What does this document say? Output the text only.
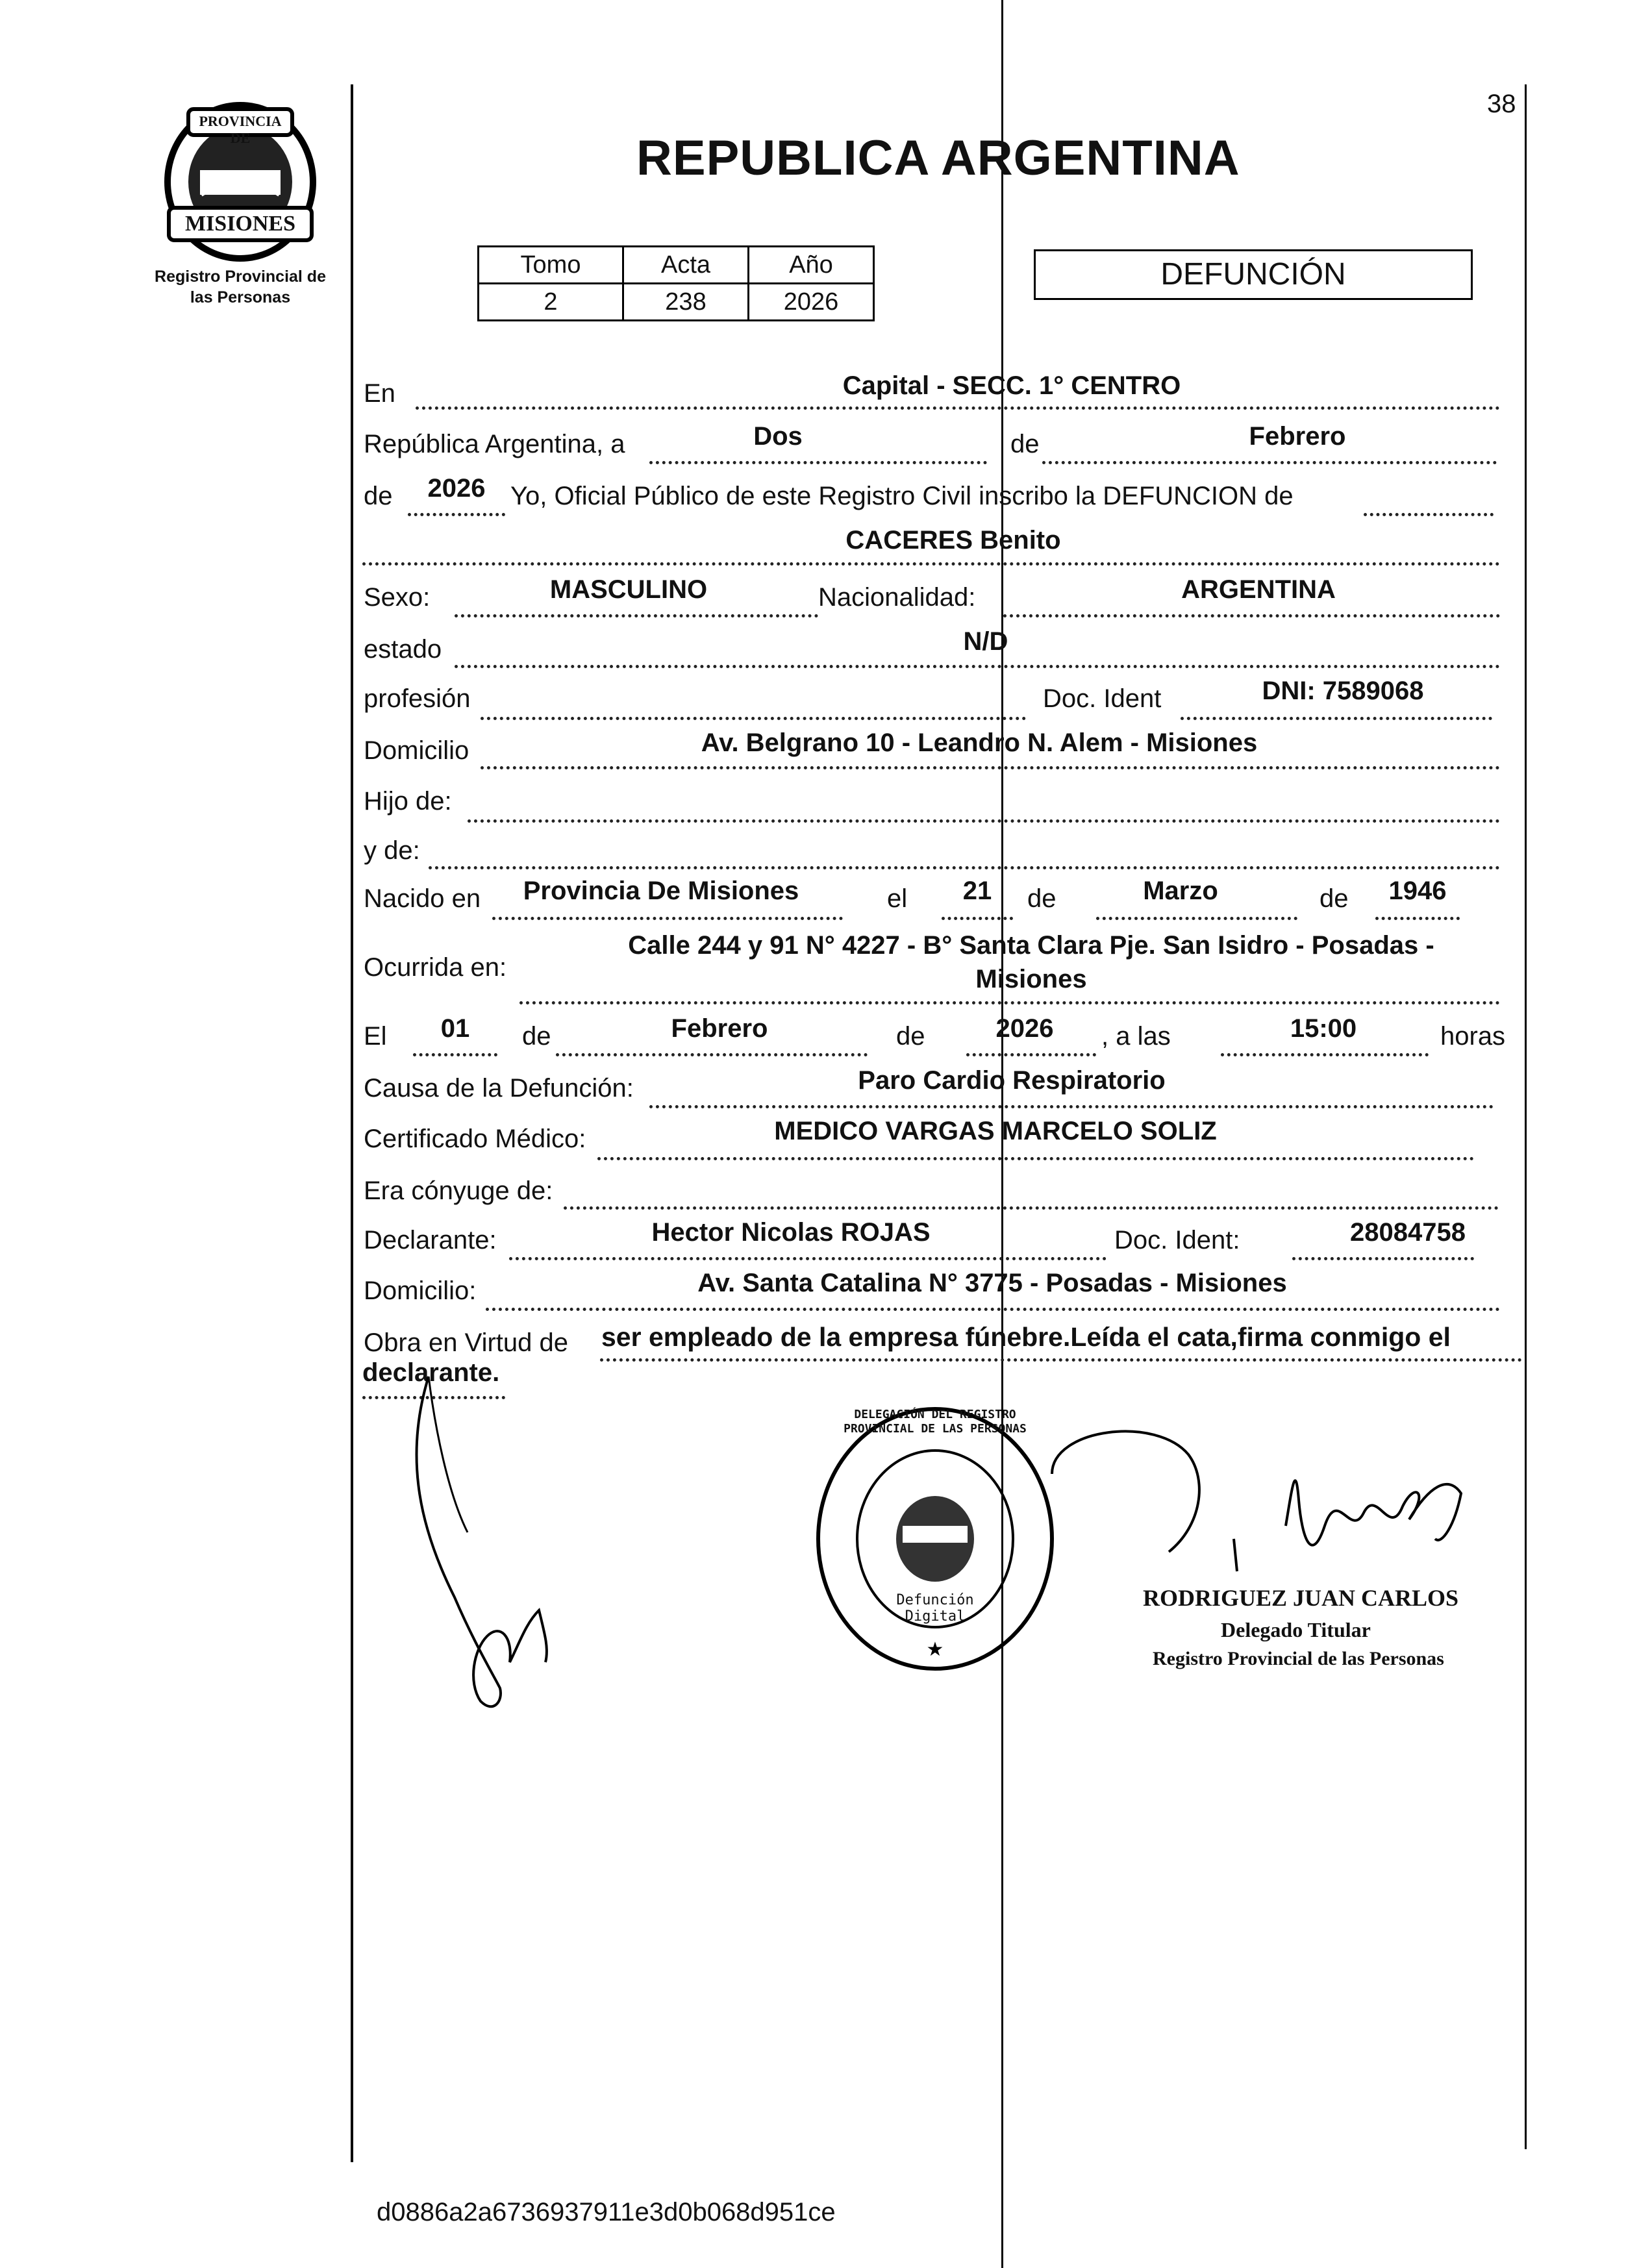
38
PROVINCIA DE
MISIONES
Registro Provincial de
las Personas
REPUBLICA ARGENTINA
Tomo	Acta	Año
2	238	2026
DEFUNCIÓN
En	Capital - SECC. 1° CENTRO
República Argentina, a	Dos	de	Febrero
de	2026 Yo, Oficial Público de este Registro Civil inscribo la DEFUNCION de
CACERES Benito
Sexo:	MASCULINO	Nacionalidad:	ARGENTINA
estado	N/D
profesión	Doc. Ident	DNI: 7589068
Domicilio	Av. Belgrano 10 - Leandro N. Alem - Misiones
Hijo de:
y de:
Nacido en	Provincia De Misiones	el	21	de	Marzo	de	1946
Ocurrida en:
Calle 244 y 91 N° 4227 - B° Santa Clara Pje. San Isidro - Posadas -
Misiones
El	01	de	Febrero	de	2026	, a las	15:00	horas
Causa de la Defunción:	Paro Cardio Respiratorio
Certificado Médico:	MEDICO VARGAS MARCELO SOLIZ
Era cónyuge de:
Declarante:	Hector Nicolas ROJAS	Doc. Ident:	28084758
Domicilio:	Av. Santa Catalina N° 3775 - Posadas - Misiones
Obra en Virtud de ser empleado de la empresa fúnebre.Leída el cata,firma conmigo el
declarante.
★
DELEGACIÓN DEL REGISTRO PROVINCIAL DE LAS PERSONAS
Defunción Digital
RODRIGUEZ JUAN CARLOS
Delegado Titular
Registro Provincial de las Personas
d0886a2a6736937911e3d0b068d951ce
